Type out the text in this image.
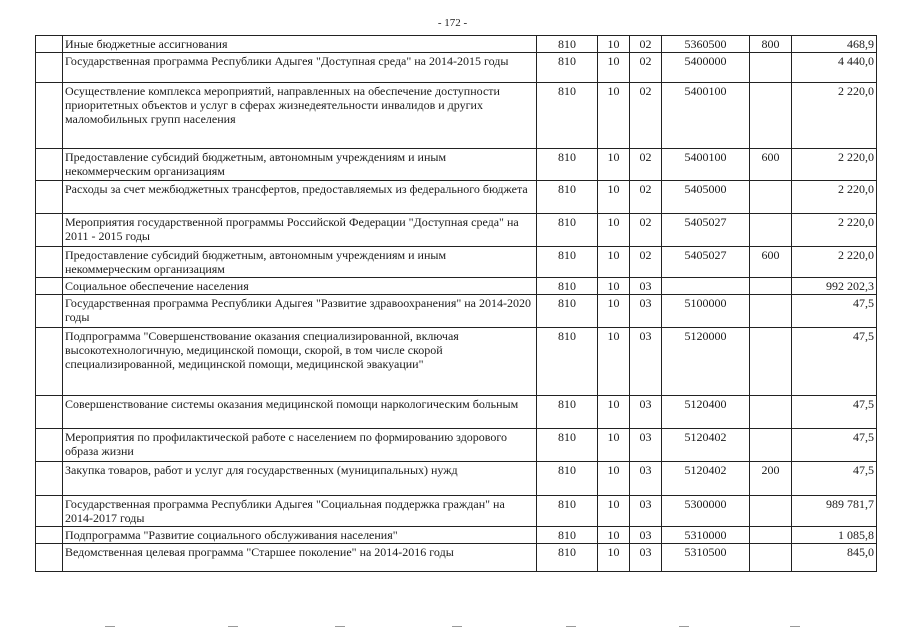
- 172 -
	Иные бюджетные ассигнования	810	10	02	5360500	800	468,9
	Государственная программа Республики Адыгея "Доступная среда" на 2014-2015 годы	810	10	02	5400000		4 440,0
	Осуществление комплекса мероприятий, направленных на обеспечение доступности приоритетных объектов и услуг в сферах жизнедеятельности инвалидов и других маломобильных групп населения	810	10	02	5400100		2 220,0
	Предоставление субсидий бюджетным, автономным учреждениям и иным некоммерческим организациям	810	10	02	5400100	600	2 220,0
	Расходы за счет межбюджетных трансфертов, предоставляемых из федерального бюджета	810	10	02	5405000		2 220,0
	Мероприятия государственной программы Российской Федерации "Доступная среда" на 2011 - 2015 годы	810	10	02	5405027		2 220,0
	Предоставление субсидий бюджетным, автономным учреждениям и иным некоммерческим организациям	810	10	02	5405027	600	2 220,0
	Социальное обеспечение населения	810	10	03			992 202,3
	Государственная программа Республики Адыгея "Развитие здравоохранения" на 2014-2020 годы	810	10	03	5100000		47,5
	Подпрограмма "Совершенствование оказания специализированной, включая высокотехнологичную, медицинской помощи, скорой, в том числе скорой специализированной, медицинской помощи, медицинской эвакуации"	810	10	03	5120000		47,5
	Совершенствование системы оказания медицинской помощи наркологическим больным	810	10	03	5120400		47,5
	Мероприятия по профилактической работе с населением по формированию здорового образа жизни	810	10	03	5120402		47,5
	Закупка товаров, работ и услуг для государственных (муниципальных) нужд	810	10	03	5120402	200	47,5
	Государственная программа Республики Адыгея "Социальная поддержка граждан" на 2014-2017 годы	810	10	03	5300000		989 781,7
	Подпрограмма "Развитие социального обслуживания населения"	810	10	03	5310000		1 085,8
	Ведомственная целевая программа "Старшее поколение" на 2014-2016 годы	810	10	03	5310500		845,0
